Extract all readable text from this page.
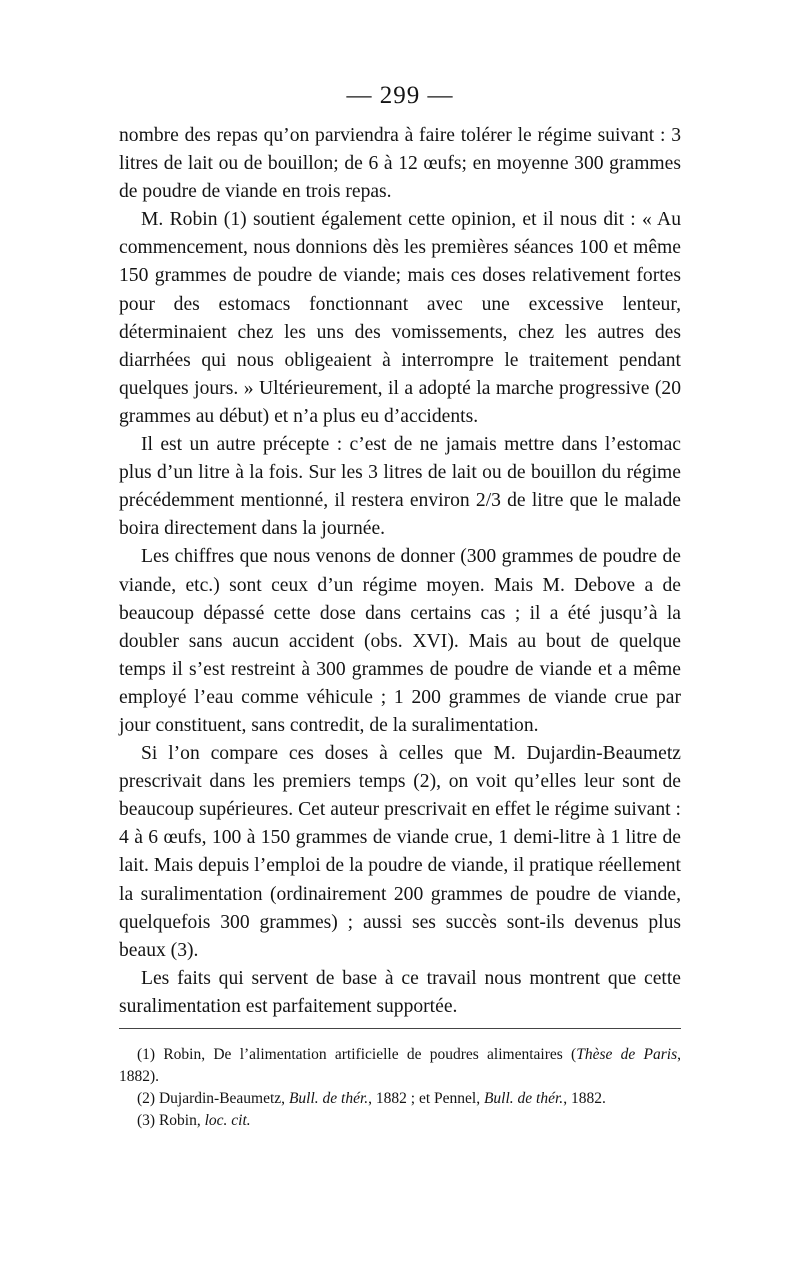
— 299 —

nombre des repas qu’on parviendra à faire tolérer le régime suivant : 3 litres de lait ou de bouillon; de 6 à 12 œufs; en moyenne 300 grammes de poudre de viande en trois repas.

M. Robin (1) soutient également cette opinion, et il nous dit : « Au commencement, nous donnions dès les premières séances 100 et même 150 grammes de poudre de viande; mais ces doses relativement fortes pour des estomacs fonctionnant avec une excessive lenteur, déterminaient chez les uns des vomissements, chez les autres des diarrhées qui nous obligeaient à interrompre le traitement pendant quelques jours. » Ultérieurement, il a adopté la marche progressive (20 grammes au début) et n’a plus eu d’accidents.

Il est un autre précepte : c’est de ne jamais mettre dans l’estomac plus d’un litre à la fois. Sur les 3 litres de lait ou de bouillon du régime précédemment mentionné, il restera environ 2/3 de litre que le malade boira directement dans la journée.

Les chiffres que nous venons de donner (300 grammes de poudre de viande, etc.) sont ceux d’un régime moyen. Mais M. Debove a de beaucoup dépassé cette dose dans certains cas ; il a été jusqu’à la doubler sans aucun accident (obs. XVI). Mais au bout de quelque temps il s’est restreint à 300 grammes de poudre de viande et a même employé l’eau comme véhicule ; 1 200 grammes de viande crue par jour constituent, sans contredit, de la suralimentation.

Si l’on compare ces doses à celles que M. Dujardin-Beaumetz prescrivait dans les premiers temps (2), on voit qu’elles leur sont de beaucoup supérieures. Cet auteur prescrivait en effet le régime suivant : 4 à 6 œufs, 100 à 150 grammes de viande crue, 1 demi-litre à 1 litre de lait. Mais depuis l’emploi de la poudre de viande, il pratique réellement la suralimentation (ordinairement 200 grammes de poudre de viande, quelquefois 300 grammes) ; aussi ses succès sont-ils devenus plus beaux (3).

Les faits qui servent de base à ce travail nous montrent que cette suralimentation est parfaitement supportée.

(1) Robin, De l’alimentation artificielle de poudres alimentaires (Thèse de Paris, 1882).

(2) Dujardin-Beaumetz, Bull. de thér., 1882 ; et Pennel, Bull. de thér., 1882.

(3) Robin, loc. cit.
